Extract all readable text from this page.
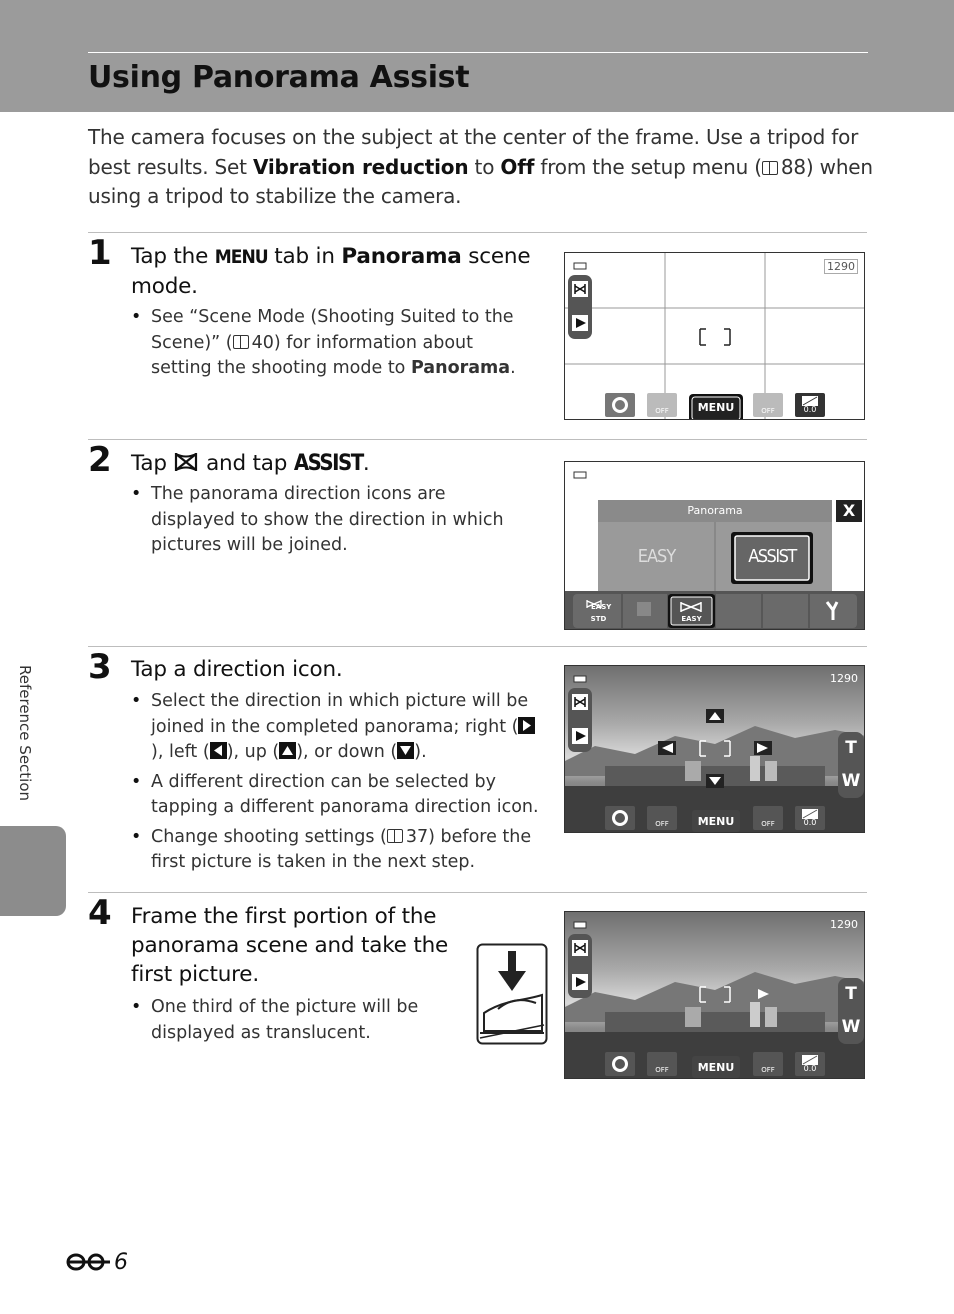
Using Panorama Assist
The camera focuses on the subject at the center of the frame. Use a tripod for best results. Set Vibration reduction to Off from the setup menu ( 88) when using a tripod to stabilize the camera.
1 Tap the MENU tab in Panorama scene mode.
• See “Scene Mode (Shooting Suited to the Scene)” ( 40) for information about setting the shooting mode to Panorama.
1290
OFF	MENU	OFF	0.0
2 Tap  and tap ASSIST.
• The panorama direction icons are displayed to show the direction in which pictures will be joined.
Panorama
EASY	ASSIST
X
STD
EASY
EASY
3 Tap a direction icon.
• Select the direction in which picture will be joined in the completed panorama; right (
), left ( ), up ( ), or down ( ).
• A different direction can be selected by tapping a different panorama direction icon.
• Change shooting settings ( 37) before the first picture is taken in the next step.
1290
T
W
OFF	MENU	OFF	0.0
4 Frame the first portion of the panorama scene and take the first picture.
• One third of the picture will be displayed as translucent.
1290
T
W
OFF	MENU	OFF	0.0
Reference Section
6
